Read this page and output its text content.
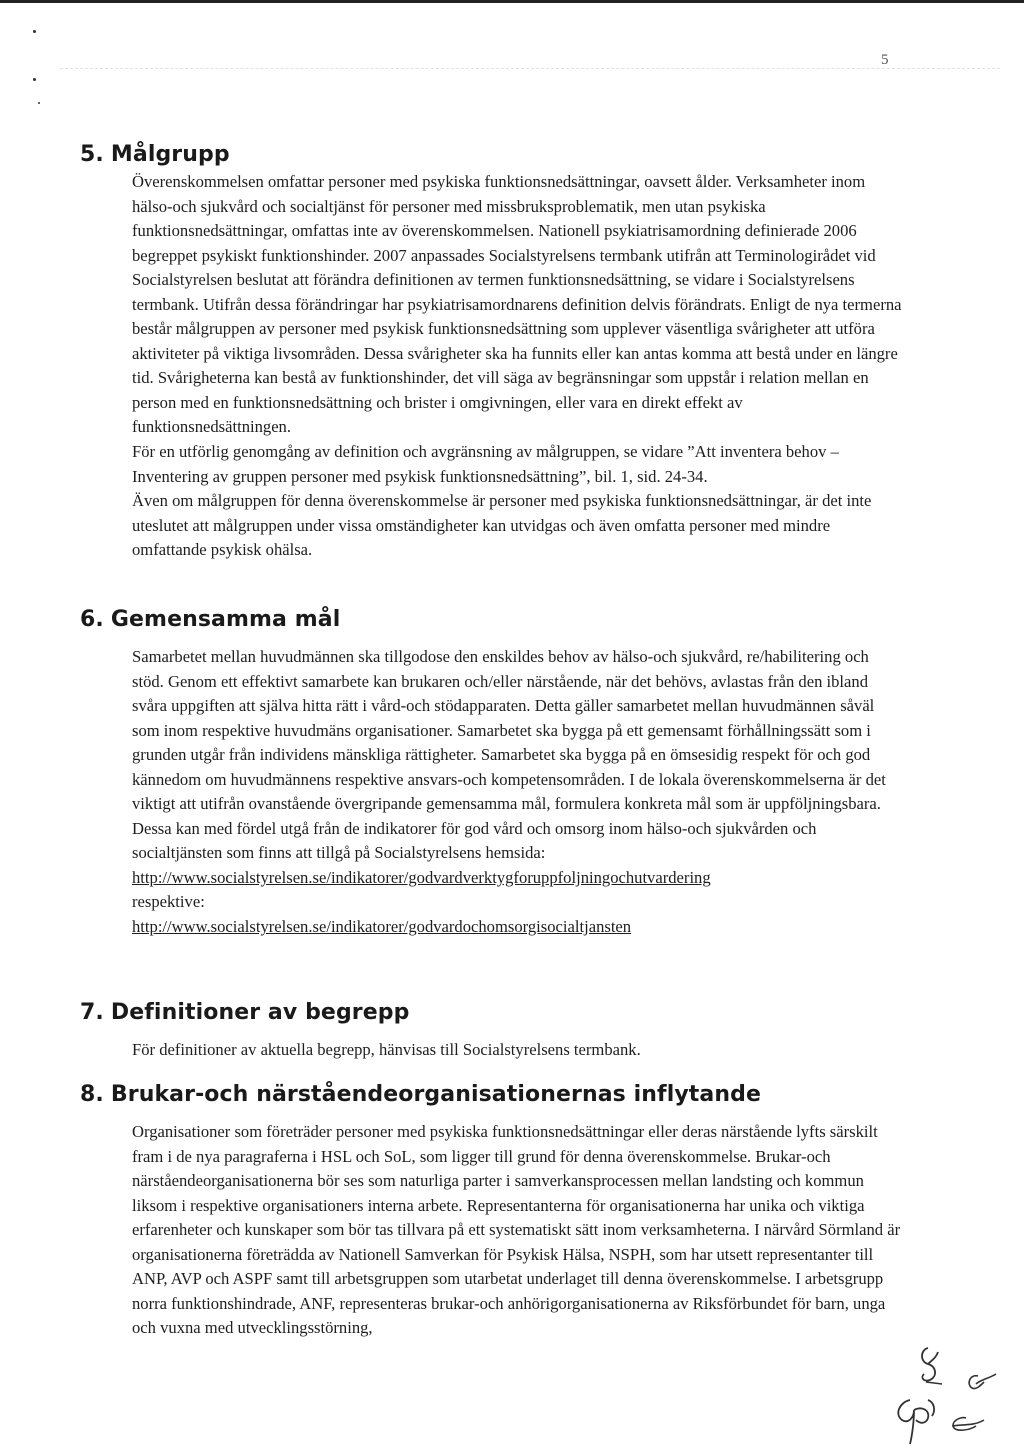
5
5. Målgrupp

Överenskommelsen omfattar personer med psykiska funktionsnedsättningar, oavsett ålder. Verksamheter inom hälso-och sjukvård och socialtjänst för personer med missbruksproblematik, men utan psykiska funktionsnedsättningar, omfattas inte av överenskommelsen. Nationell psykiatrisamordning definierade 2006 begreppet psykiskt funktionshinder. 2007 anpassades Socialstyrelsens termbank utifrån att Terminologirådet vid Socialstyrelsen beslutat att förändra definitionen av termen funktionsnedsättning, se vidare i Socialstyrelsens termbank. Utifrån dessa förändringar har psykiatrisamordnarens definition delvis förändrats. Enligt de nya termerna består målgruppen av personer med psykisk funktionsnedsättning som upplever väsentliga svårigheter att utföra aktiviteter på viktiga livsområden. Dessa svårigheter ska ha funnits eller kan antas komma att bestå under en längre tid. Svårigheterna kan bestå av funktionshinder, det vill säga av begränsningar som uppstår i relation mellan en person med en funktionsnedsättning och brister i omgivningen, eller vara en direkt effekt av funktionsnedsättningen.

För en utförlig genomgång av definition och avgränsning av målgruppen, se vidare ”Att inventera behov – Inventering av gruppen personer med psykisk funktionsnedsättning”, bil. 1, sid. 24-34.

Även om målgruppen för denna överenskommelse är personer med psykiska funktionsnedsättningar, är det inte uteslutet att målgruppen under vissa omständigheter kan utvidgas och även omfatta personer med mindre omfattande psykisk ohälsa.

6. Gemensamma mål

Samarbetet mellan huvudmännen ska tillgodose den enskildes behov av hälso-och sjukvård, re/habilitering och stöd. Genom ett effektivt samarbete kan brukaren och/eller närstående, när det behövs, avlastas från den ibland svåra uppgiften att själva hitta rätt i vård-och stödapparaten. Detta gäller samarbetet mellan huvudmännen såväl som inom respektive huvudmäns organisationer. Samarbetet ska bygga på ett gemensamt förhållningssätt som i grunden utgår från individens mänskliga rättigheter. Samarbetet ska bygga på en ömsesidig respekt för och god kännedom om huvudmännens respektive ansvars-och kompetensområden. I de lokala överenskommelserna är det viktigt att utifrån ovanstående övergripande gemensamma mål, formulera konkreta mål som är uppföljningsbara. Dessa kan med fördel utgå från de indikatorer för god vård och omsorg inom hälso-och sjukvården och socialtjänsten som finns att tillgå på Socialstyrelsens hemsida:

http://www.socialstyrelsen.se/indikatorer/godvardverktygforuppfoljningochutvardering

respektive:

http://www.socialstyrelsen.se/indikatorer/godvardochomsorgisocialtjansten
7. Definitioner av begrepp

För definitioner av aktuella begrepp, hänvisas till Socialstyrelsens termbank.

8. Brukar-och närståendeorganisationernas inflytande

Organisationer som företräder personer med psykiska funktionsnedsättningar eller deras närstående lyfts särskilt fram i de nya paragraferna i HSL och SoL, som ligger till grund för denna överenskommelse. Brukar-och närståendeorganisationerna bör ses som naturliga parter i samverkansprocessen mellan landsting och kommun liksom i respektive organisationers interna arbete. Representanterna för organisationerna har unika och viktiga erfarenheter och kunskaper som bör tas tillvara på ett systematiskt sätt inom verksamheterna. I närvård Sörmland är organisationerna företrädda av Nationell Samverkan för Psykisk Hälsa, NSPH, som har utsett representanter till ANP, AVP och ASPF samt till arbetsgruppen som utarbetat underlaget till denna överenskommelse. I arbetsgrupp norra funktionshindrade, ANF, representeras brukar-och anhörigorganisationerna av Riksförbundet för barn, unga och vuxna med utvecklingsstörning,
